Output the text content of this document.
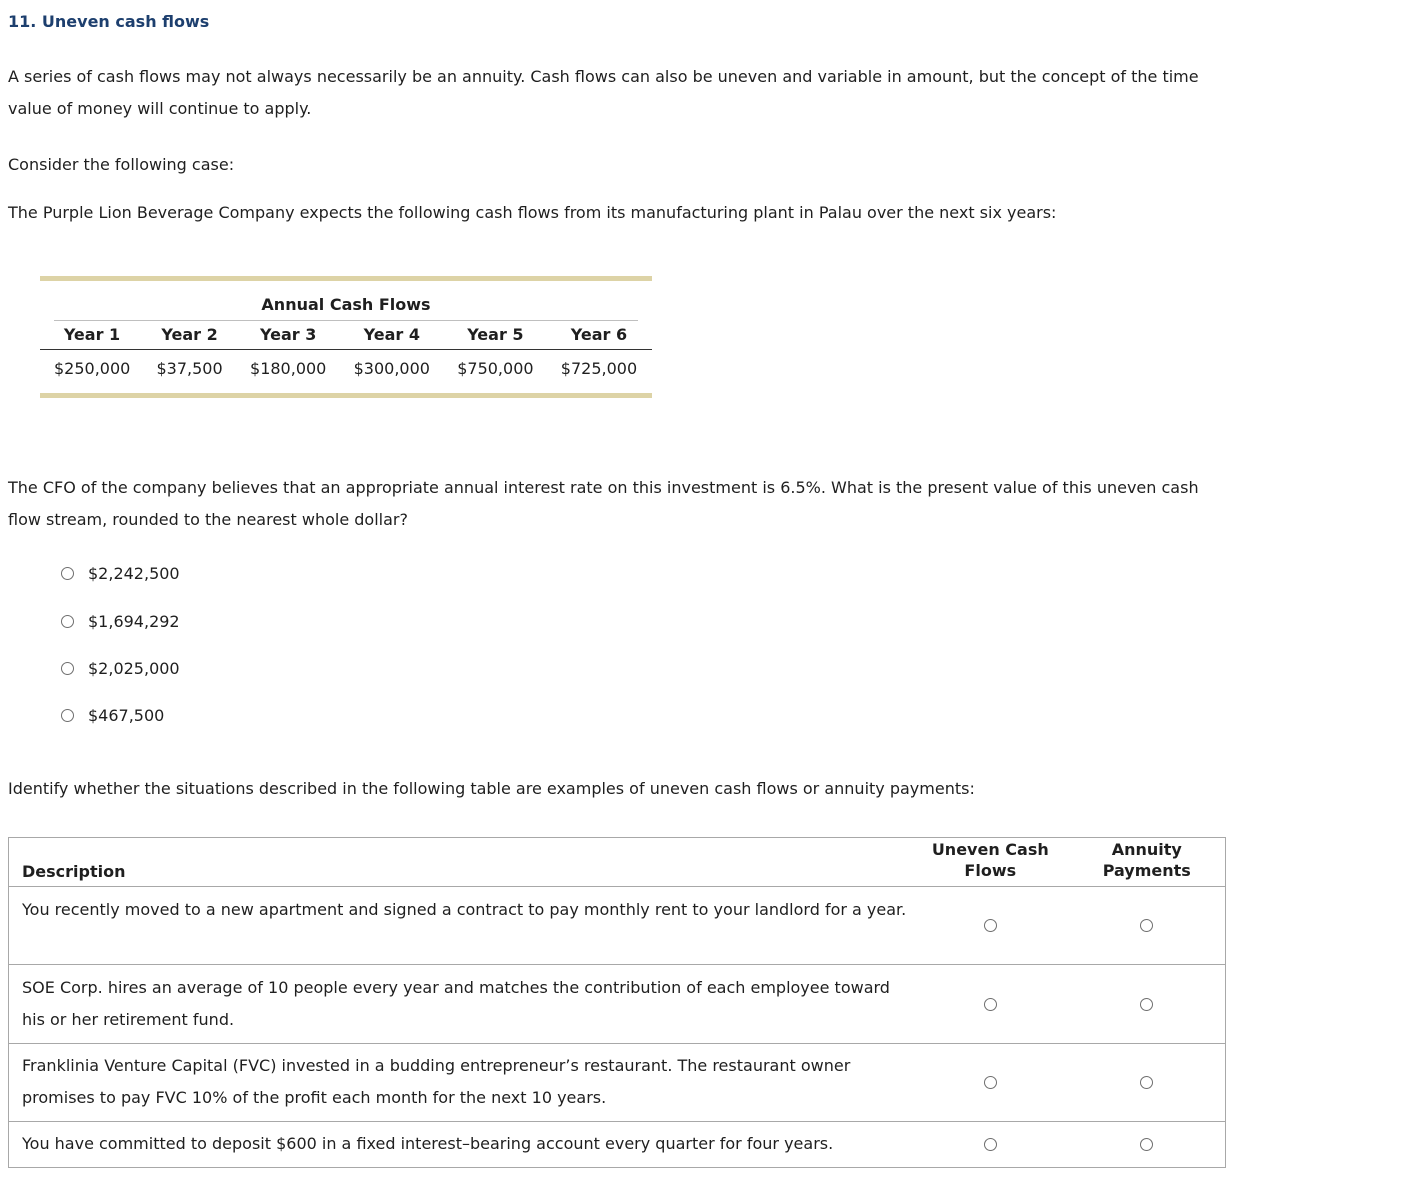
11. Uneven cash flows
A series of cash flows may not always necessarily be an annuity. Cash flows can also be uneven and variable in amount, but the concept of the time value of money will continue to apply.
Consider the following case:
The Purple Lion Beverage Company expects the following cash flows from its manufacturing plant in Palau over the next six years:
Annual Cash Flows
Year 1	Year 2	Year 3	Year 4	Year 5	Year 6
$250,000 $37,500 $180,000 $300,000 $750,000 $725,000
The CFO of the company believes that an appropriate annual interest rate on this investment is 6.5%. What is the present value of this uneven cash flow stream, rounded to the nearest whole dollar?
$2,242,500
$1,694,292
$2,025,000
$467,500
Identify whether the situations described in the following table are examples of uneven cash flows or annuity payments:
Description
Uneven Cash Flows
Annuity Payments
You recently moved to a new apartment and signed a contract to pay monthly rent to your landlord for a year.
SOE Corp. hires an average of 10 people every year and matches the contribution of each employee toward his or her retirement fund.
Franklinia Venture Capital (FVC) invested in a budding entrepreneur’s restaurant. The restaurant owner promises to pay FVC 10% of the profit each month for the next 10 years.
You have committed to deposit $600 in a fixed interest–bearing account every quarter for four years.
